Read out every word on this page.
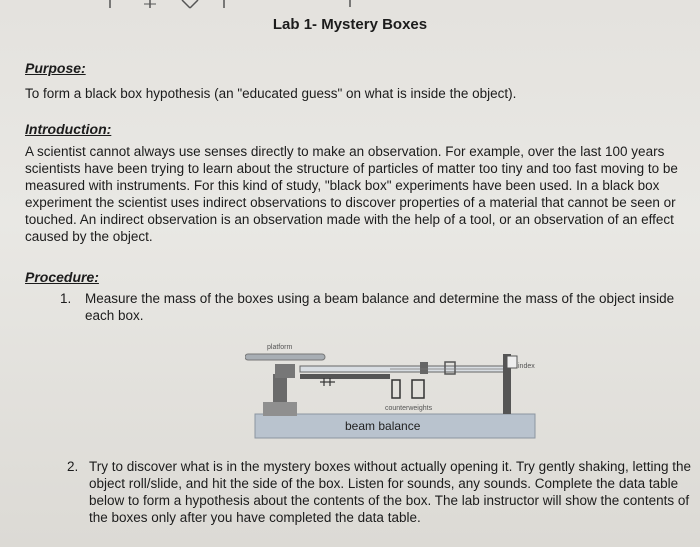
Lab 1- Mystery Boxes
Purpose:
To form a black box hypothesis (an "educated guess" on what is inside the object).
Introduction:
A scientist cannot always use senses directly to make an observation. For example, over the last 100 years
scientists have been trying to learn about the structure of particles of matter too tiny and too fast moving to be
measured with instruments. For this kind of study, "black box" experiments have been used. In a black box
experiment the scientist uses indirect observations to discover properties of a material that cannot be seen or
touched. An indirect observation is an observation made with the help of a tool, or an observation of an effect
caused by the object.
Procedure:
1. Measure the mass of the boxes using a beam balance and determine the mass of the object inside
each box.
beam balance
platform
counterweights
index
2. Try to discover what is in the mystery boxes without actually opening it. Try gently shaking, letting the
object roll/slide, and hit the side of the box. Listen for sounds, any sounds. Complete the data table
below to form a hypothesis about the contents of the box. The lab instructor will show the contents of
the boxes only after you have completed the data table.
